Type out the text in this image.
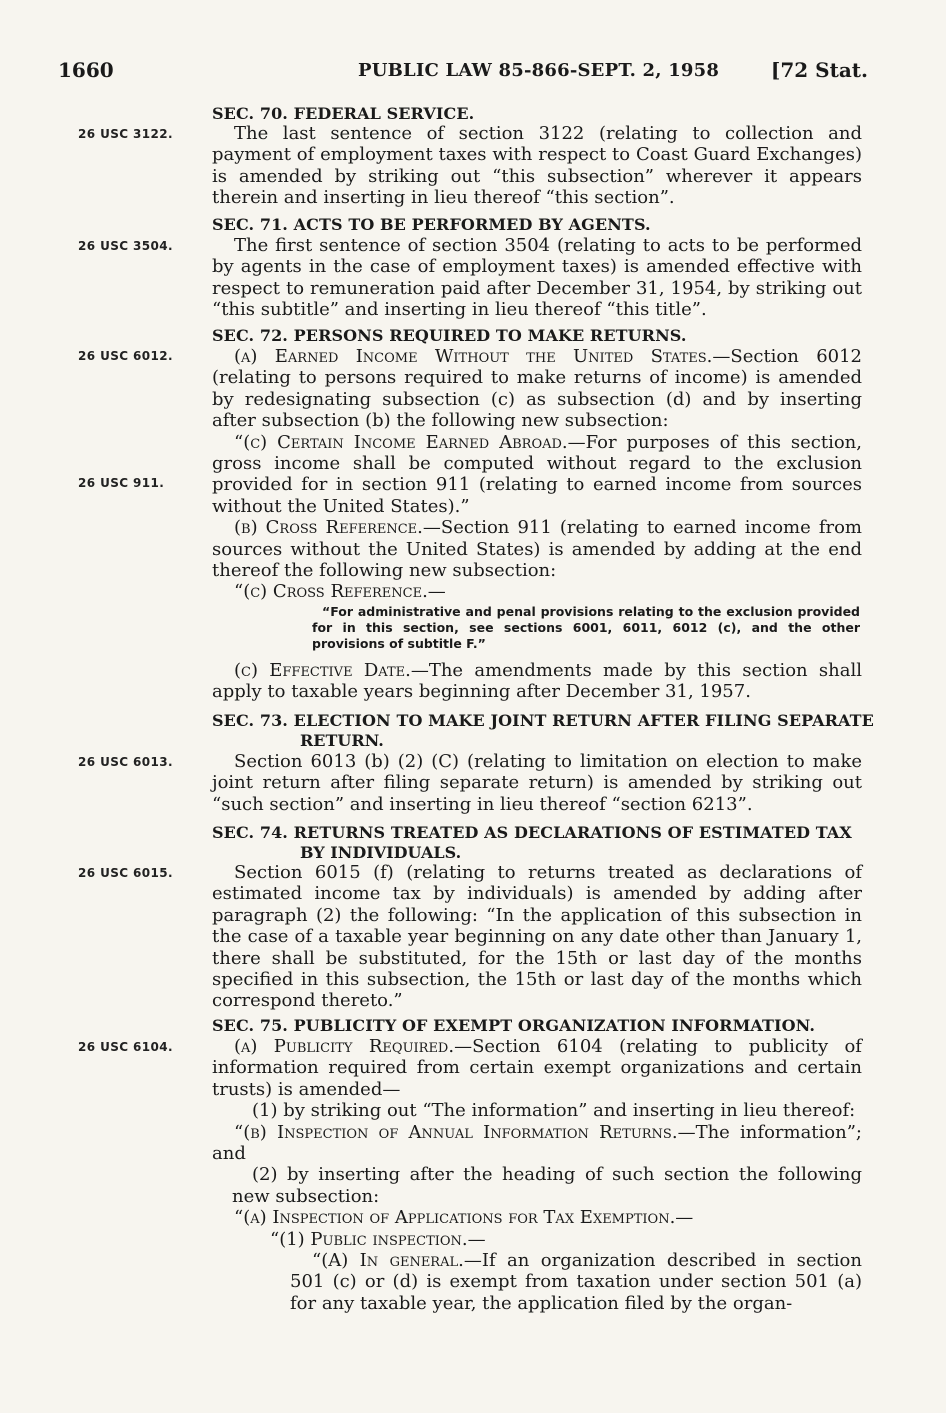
1660	PUBLIC LAW 85-866-SEPT. 2, 1958	[72 Stat.
SEC. 70. FEDERAL SERVICE.
26 USC 3122.	The last sentence of section 3122 (relating to collection and payment of employment taxes with respect to Coast Guard Exchanges) is amended by striking out “this subsection” wherever it appears therein and inserting in lieu thereof “this section”.

SEC. 71. ACTS TO BE PERFORMED BY AGENTS.
26 USC 3504.	The first sentence of section 3504 (relating to acts to be performed by agents in the case of employment taxes) is amended effective with respect to remuneration paid after December 31, 1954, by striking out “this subtitle” and inserting in lieu thereof “this title”.

SEC. 72. PERSONS REQUIRED TO MAKE RETURNS.
26 USC 6012.
26 USC 911.

(a) Earned Income Without the United States.—Section 6012 (relating to persons required to make returns of income) is amended by redesignating subsection (c) as subsection (d) and by inserting after subsection (b) the following new subsection:

“(c) Certain Income Earned Abroad.—For purposes of this section, gross income shall be computed without regard to the exclusion provided for in section 911 (relating to earned income from sources without the United States).”

(b) Cross Reference.—Section 911 (relating to earned income from sources without the United States) is amended by adding at the end thereof the following new subsection:

“(c) Cross Reference.—

“For administrative and penal provisions relating to the exclusion provided for in this section, see sections 6001, 6011, 6012 (c), and the other provisions of subtitle F.”

(c) Effective Date.—The amendments made by this section shall apply to taxable years beginning after December 31, 1957.

SEC. 73. ELECTION TO MAKE JOINT RETURN AFTER FILING SEPARATE
RETURN.
26 USC 6013.	Section 6013 (b) (2) (C) (relating to limitation on election to make joint return after filing separate return) is amended by striking out “such section” and inserting in lieu thereof “section 6213”.

SEC. 74. RETURNS TREATED AS DECLARATIONS OF ESTIMATED TAX
BY INDIVIDUALS.
26 USC 6015.	Section 6015 (f) (relating to returns treated as declarations of estimated income tax by individuals) is amended by adding after paragraph (2) the following: “In the application of this subsection in the case of a taxable year beginning on any date other than January 1, there shall be substituted, for the 15th or last day of the months specified in this subsection, the 15th or last day of the months which correspond thereto.”

SEC. 75. PUBLICITY OF EXEMPT ORGANIZATION INFORMATION.
26 USC 6104.	(a) Publicity Required.—Section 6104 (relating to publicity of information required from certain exempt organizations and certain trusts) is amended—

(1) by striking out “The information” and inserting in lieu thereof:

“(b) Inspection of Annual Information Returns.—The information”; and

(2) by inserting after the heading of such section the following new subsection:

“(a) Inspection of Applications for Tax Exemption.—

“(1) Public inspection.—

“(A) In general.—If an organization described in section 501 (c) or (d) is exempt from taxation under section 501 (a) for any taxable year, the application filed by the organ-
